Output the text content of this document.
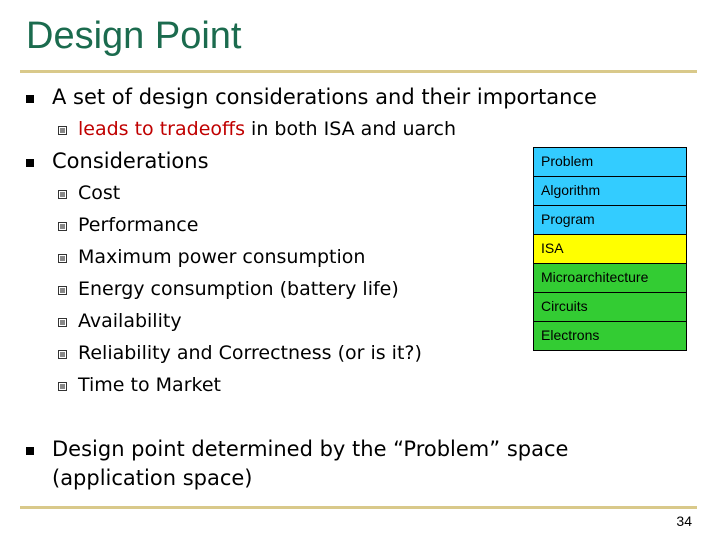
Design Point
A set of design considerations and their importance
leads to tradeoffs in both ISA and uarch
Considerations
Cost
Performance
Maximum power consumption
Energy consumption (battery life)
Availability
Reliability and Correctness (or is it?)
Time to Market
Design point determined by the “Problem” space
(application space)
Problem
Algorithm
Program
ISA
Microarchitecture
Circuits
Electrons
34
